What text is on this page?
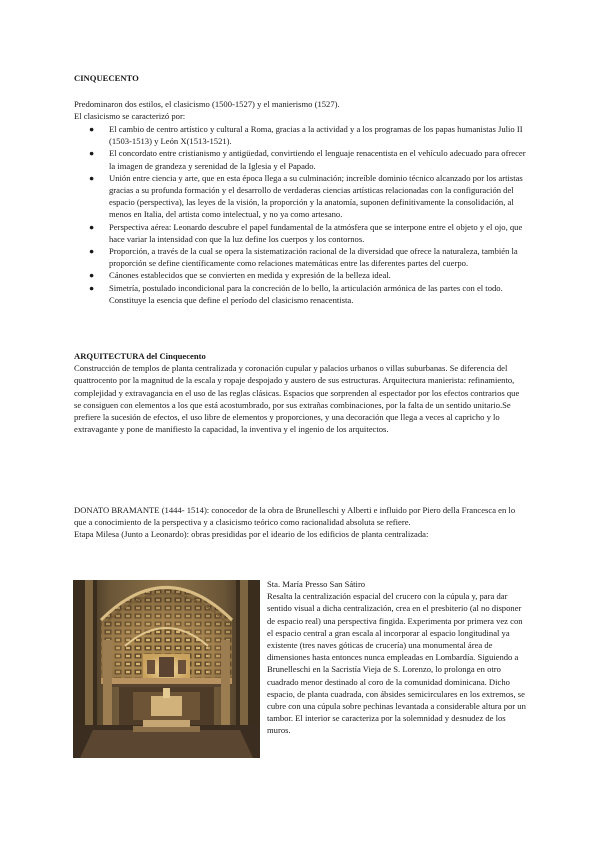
CINQUECENTO

Predominaron dos estilos, el clasicismo (1500-1527) y el manierismo (1527).

El clasicismo se caracterizó por:

● El cambio de centro artístico y cultural a Roma, gracias a la actividad y a los programas de los papas humanistas Julio II (1503-1513) y León X(1513-1521).
● El concordato entre cristianismo y antigüedad, convirtiendo el lenguaje renacentista en el vehículo adecuado para ofrecer la imagen de grandeza y serenidad de la Iglesia y el Papado.
● Unión entre ciencia y arte, que en esta época llega a su culminación; increíble dominio técnico alcanzado por los artistas gracias a su profunda formación y el desarrollo de verdaderas ciencias artísticas relacionadas con la configuración del espacio (perspectiva), las leyes de la visión, la proporción y la anatomía, suponen definitivamente la consolidación, al menos en Italia, del artista como intelectual, y no ya como artesano.
● Perspectiva aérea: Leonardo descubre el papel fundamental de la atmósfera que se interpone entre el objeto y el ojo, que hace variar la intensidad con que la luz define los cuerpos y los contornos.
● Proporción, a través de la cual se opera la sistematización racional de la diversidad que ofrece la naturaleza, también la proporción se define científicamente como relaciones matemáticas entre las diferentes partes del cuerpo.
● Cánones establecidos que se convierten en medida y expresión de la belleza ideal.
● Simetría, postulado incondicional para la concreción de lo bello, la articulación armónica de las partes con el todo. Constituye la esencia que define el período del clasicismo renacentista.

ARQUITECTURA del Cinquecento

Construcción de templos de planta centralizada y coronación cupular y palacios urbanos o villas suburbanas. Se diferencia del quattrocento por la magnitud de la escala y ropaje despojado y austero de sus estructuras. Arquitectura manierista: refinamiento, complejidad y extravagancia en el uso de las reglas clásicas. Espacios que sorprenden al espectador por los efectos contrarios que se consiguen con elementos a los que está acostumbrado, por sus extrañas combinaciones, por la falta de un sentido unitario.Se prefiere la sucesión de efectos, el uso libre de elementos y proporciones, y una decoración que llega a veces al capricho y lo extravagante y pone de manifiesto la capacidad, la inventiva y el ingenio de los arquitectos.

DONATO BRAMANTE (1444- 1514): conocedor de la obra de Brunelleschi y Alberti e influido por Piero della Francesca en lo que a conocimiento de la perspectiva y a clasicismo teórico como racionalidad absoluta se refiere.

Etapa Milesa (Junto a Leonardo): obras presididas por el ideario de los edificios de planta centralizada:

Sta. María Presso San Sátiro

Resalta la centralización espacial del crucero con la cúpula y, para dar sentido visual a dicha centralización, crea en el presbiterio (al no disponer de espacio real) una perspectiva fingida. Experimenta por primera vez con el espacio central a gran escala al incorporar al espacio longitudinal ya existente (tres naves góticas de crucería) una monumental área de dimensiones hasta entonces nunca empleadas en Lombardía. Siguiendo a Brunelleschi en la Sacristía Vieja de S. Lorenzo, lo prolonga en otro cuadrado menor destinado al coro de la comunidad dominicana. Dicho espacio, de planta cuadrada, con ábsides semicirculares en los extremos, se cubre con una cúpula sobre pechinas levantada a considerable altura por un tambor. El interior se caracteriza por la solemnidad y desnudez de los muros.
